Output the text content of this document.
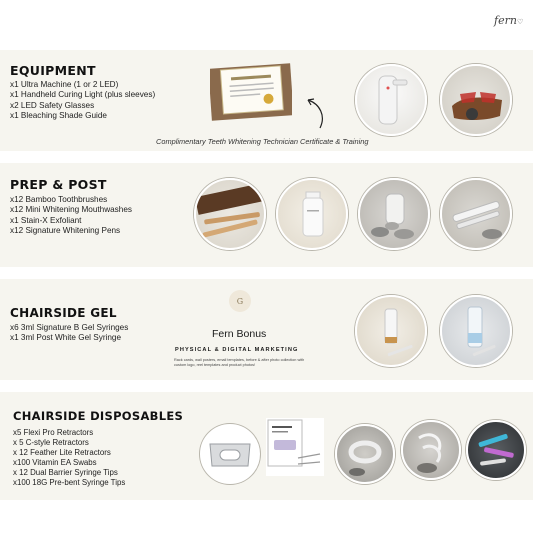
fern♡
EQUIPMENT
x1 Ultra Machine (1 or 2 LED)
x1 Handheld Curing Light (plus sleeves)
x2 LED Safety Glasses
x1 Bleaching Shade Guide
Complimentary Teeth Whitening Technician Certificate & Training
PREP & POST
x12 Bamboo Toothbrushes
x12 Mini Whitening Mouthwashes
x1 Stain-X Exfoliant
x12 Signature Whitening Pens
CHAIRSIDE GEL
x6 3ml Signature B Gel Syringes
x1 3ml Post White Gel Syringe
G
Fern Bonus
PHYSICAL & DIGITAL MARKETING
Rack cards, wall posters, email templates, before & after photo collection with custom logo, reel templates and product photos!
CHAIRSIDE DISPOSABLES
x5 Flexi Pro Retractors
x 5 C-style Retractors
x 12 Feather Lite Retractors
x100 Vitamin EA Swabs
x 12 Dual Barrier Syringe Tips
x100 18G Pre-bent Syringe Tips
